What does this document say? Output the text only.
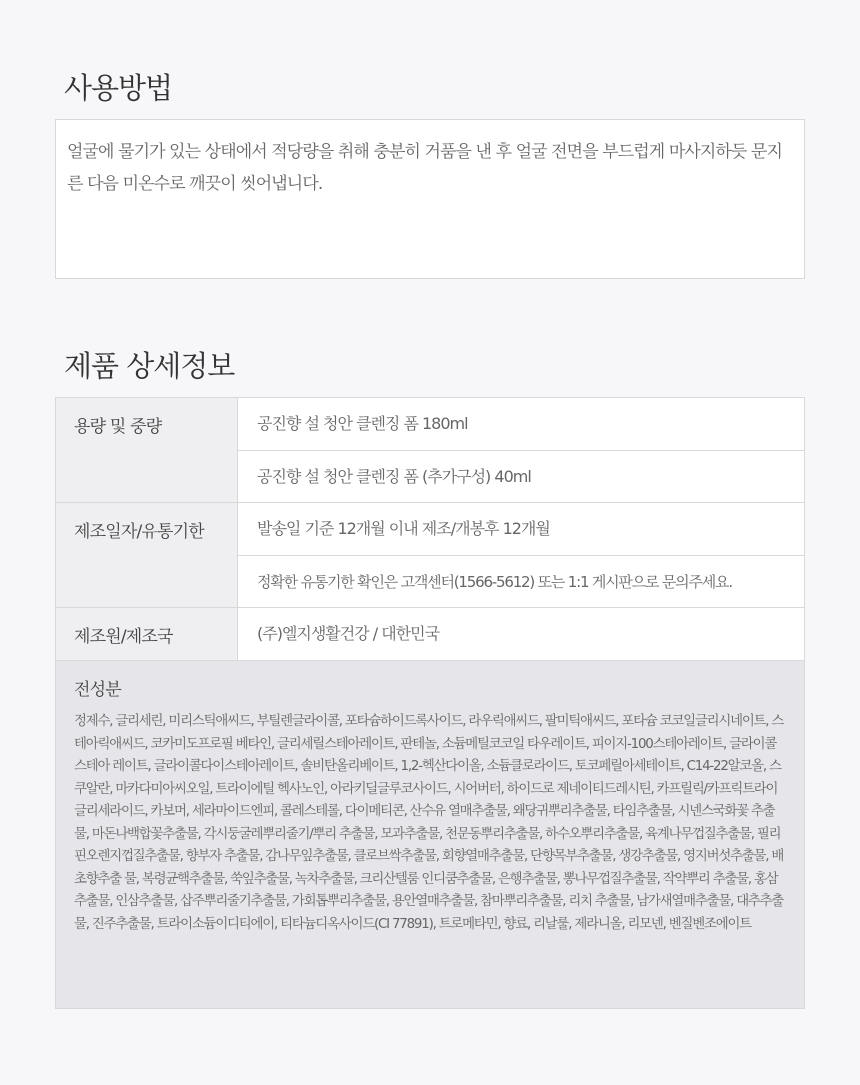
사용방법

얼굴에 물기가 있는 상태에서 적당량을 취해 충분히 거품을 낸 후 얼굴 전면을 부드럽게 마사지하듯 문지른 다음 미온수로 깨끗이 씻어냅니다.

제품 상세정보
용량 및 중량	공진향 설 청안 클렌징 폼 180ml
공진향 설 청안 클렌징 폼 (추가구성) 40ml
제조일자/유통기한	발송일 기준 12개월 이내 제조/개봉후 12개월
정확한 유통기한 확인은 고객센터(1566-5612) 또는 1:1 게시판으로 문의주세요.
제조원/제조국	(주)엘지생활건강 / 대한민국
전성분

정제수, 글리세린, 미리스틱애씨드, 부틸렌글라이콜, 포타슘하이드록사이드, 라우릭애씨드, 팔미틱애씨드, 포타슘 코코일글리시네이트, 스테아릭애씨드, 코카미도프로필 베타인, 글리세릴스테아레이트, 판테놀, 소듐메틸코코일 타우레이트, 피이지-100스테아레이트, 글라이콜스테아 레이트, 글라이콜다이스테아레이트, 솔비탄올리베이트, 1,2-헥산다이올, 소듐클로라이드, 토코페릴아세테이트, C14-22알코올, 스쿠알란, 마카다미아씨오일, 트라이에틸 헥사노인, 아라키딜글루코사이드, 시어버터, 하이드로 제네이티드레시틴, 카프릴릭/카프릭트라이글리세라이드, 카보머, 세라마이드엔피, 콜레스테롤, 다이메티콘, 산수유 열매추출물, 왜당귀뿌리추출물, 타임추출물, 시넨스국화꽃 추출물, 마돈나백합꽃추출물, 각시둥굴레뿌리줄기/뿌리 추출물, 모과추출물, 천문동뿌리추출물, 하수오뿌리추출물, 육계나무껍질추출물, 필리핀오렌지껍질추출물, 향부자 추출물, 감나무잎추출물, 클로브싹추출물, 회향열매추출물, 단향목부추출물, 생강추출물, 영지버섯추출물, 배초향추출 물, 복령균핵추출물, 쑥잎추출물, 녹차추출물, 크리산텔룸 인디쿰추출물, 은행추출물, 뽕나무껍질추출물, 작약뿌리 추출물, 홍삼추출물, 인삼추출물, 삽주뿌리줄기추출물, 가회톱뿌리추출물, 용안열매추출물, 참마뿌리추출물, 리치 추출물, 남가새열매추출물, 대추추출물, 진주추출물, 트라이소듐이디티에이, 티타늄디옥사이드(CI 77891), 트로메타민, 향료, 리날룰, 제라니올, 리모넨, 벤질벤조에이트
